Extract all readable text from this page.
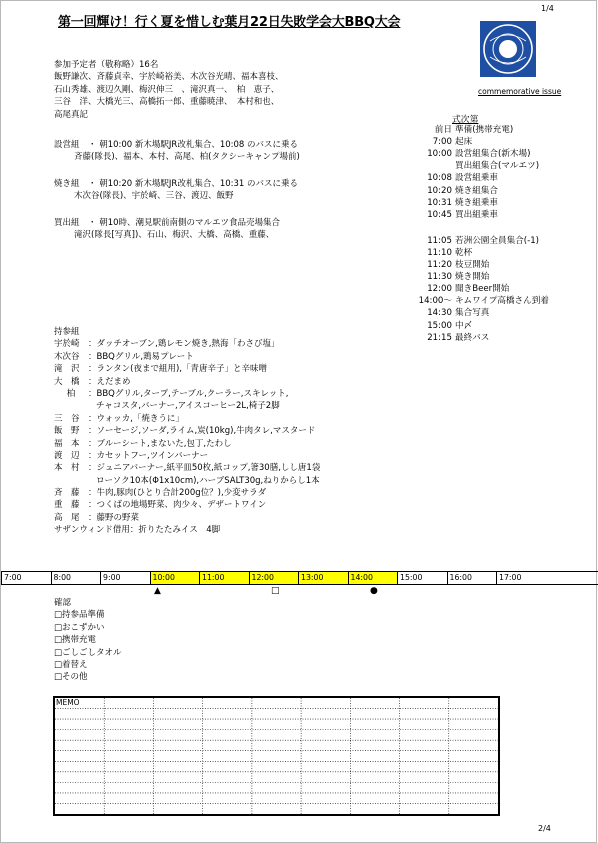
第一回輝け！行く夏を惜しむ葉月22日失敗学会大BBQ大会
1/4
commemorative issue
参加予定者（敬称略）16名
飯野謙次、斉藤貞幸、宇於崎裕美、木次谷光晴、福本喜枝、
石山秀雄、渡辺久剛、梅沢伸三　、滝沢真一、　柏　恵子、
三谷　洋、大橋光三、高橋拓一郎、重藤暁津、　本村和也、
高尾真記
設営組　・ 朝10:00 新木場駅JR改札集合、10:08 のバスに乗る
斉藤(隊長)、福本、本村、高尾、柏(タクシーキャンプ場前)
焼き組　・ 朝10:20 新木場駅JR改札集合、10:31 のバスに乗る
木次谷(隊長)、宇於崎、三谷、渡辺、飯野
買出組　・ 朝10時、潮見駅前南側のマルエツ食品売場集合
滝沢(隊長[写真])、石山、梅沢、大橋、高橋、重藤、
式次第
前日 準備(携帯充電)
7:00 起床
10:00 設営組集合(新木場)
買出組集合(マルエツ)
10:08 設営組乗車
10:20 焼き組集合
10:31 焼き組乗車
10:45 買出組乗車
11:05 若洲公園全員集合(-1)
11:10 乾杯
11:20 枝豆開始
11:30 焼き開始
12:00 聞きBeer開始
14:00～ キムワイプ高橋さん到着
14:30 集合写真
15:00 中〆
21:15 最終バス
持参組
宇於崎 ：ダッチオーブン,鶏レモン焼き,熱海「わさび塩」
木次谷 ：BBQグリル,鶏易プレート
滝　沢 ：ランタン(夜まで組用),「青唐辛子」と辛味噌
大　橋 ：えだまめ
柏 ：BBQグリル,タープ,テーブル,クーラー,スキレット,
チャコスタ,バーナー,アイスコーヒー2L,椅子2脚
三　谷 ：ウォッカ,「焼きうに」
飯　野 ：ソーセージ,ソーダ,ライム,炭(10kg),牛肉タレ,マスタード
福　本 ：ブルーシート,まないた,包丁,たわし
渡　辺 ：カセットフー,ツインバーナー
本　村 ：ジュニアバーナー,紙平皿50枚,紙コップ,箸30膳,しし唐1袋
ローソク10本(Φ1x10cm),ハーブSALT30g,ねりからし1本
斉　藤 ：牛肉,豚肉(ひとり合計200g位？),少変サラダ
重　藤 ：つくばの地場野菜、肉少々、デザートワイン
高　尾 ：藤野の野菜
サザンウィンド借用：折りたたみイス　4脚
7:00	8:00	9:00	10:00	11:00	12:00	13:00	14:00	15:00	16:00	17:00
▲	□	●
確認
□持参品準備
□おこずかい
□携帯充電
□ごしごしタオル
□着替え
□その他
MEMO
2/4
